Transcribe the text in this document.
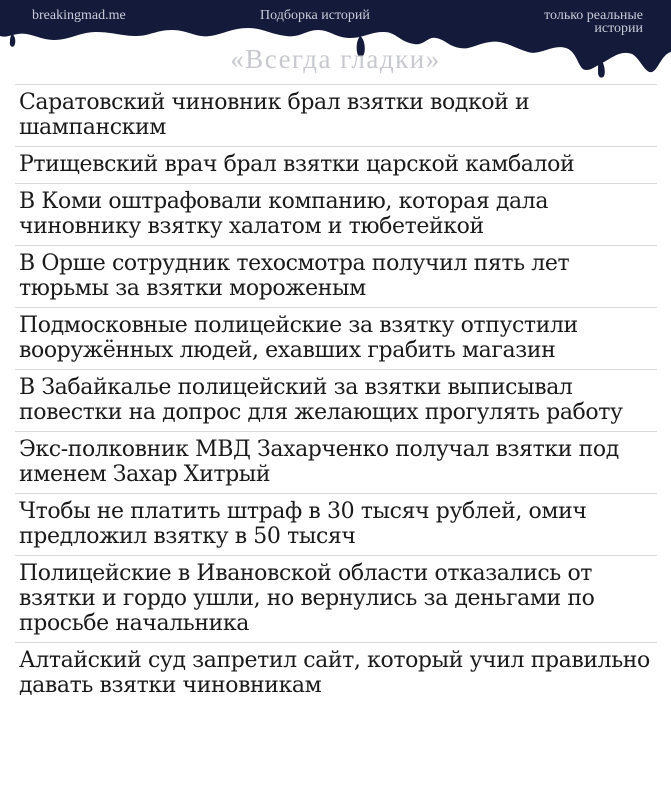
breakingmad.me	Подборка историй	только реальные истории
«Всегда гладки»
Саратовский чиновник брал взятки водкой и шампанским
Ртищевский врач брал взятки царской камбалой
В Коми оштрафовали компанию, которая дала чиновнику взятку халатом и тюбетейкой
В Орше сотрудник техосмотра получил пять лет тюрьмы за взятки мороженым
Подмосковные полицейские за взятку отпустили вооружённых людей, ехавших грабить магазин
В Забайкалье полицейский за взятки выписывал повестки на допрос для желающих прогулять работу
Экс-полковник МВД Захарченко получал взятки под именем Захар Хитрый
Чтобы не платить штраф в 30 тысяч рублей, омич предложил взятку в 50 тысяч
Полицейские в Ивановской области отказались от взятки и гордо ушли, но вернулись за деньгами по просьбе начальника
Алтайский суд запретил сайт, который учил правильно давать взятки чиновникам
